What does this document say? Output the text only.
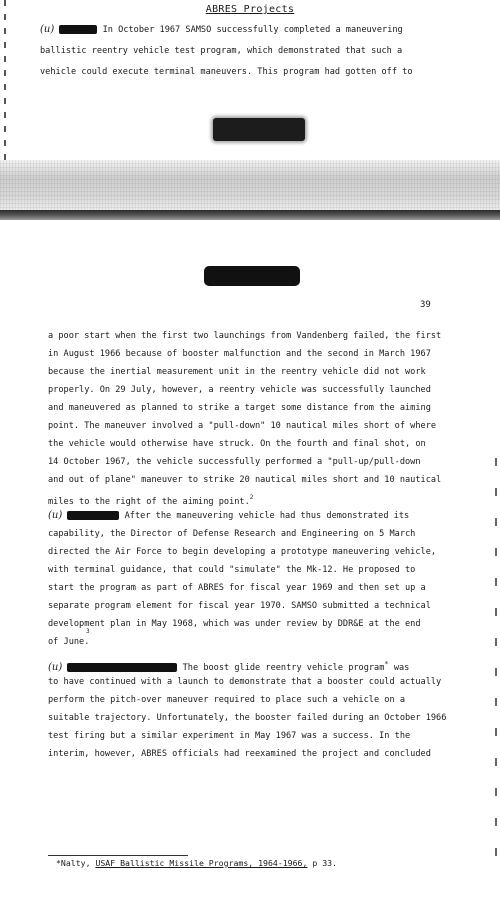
ABRES Projects
(u)	In October 1967 SAMSO successfully completed a maneuvering
ballistic reentry vehicle test program, which demonstrated that such a
vehicle could execute terminal maneuvers. This program had gotten off to
39
a poor start when the first two launchings from Vandenberg failed, the first
in August 1966 because of booster malfunction and the second in March 1967
because the inertial measurement unit in the reentry vehicle did not work
properly. On 29 July, however, a reentry vehicle was successfully launched
and maneuvered as planned to strike a target some distance from the aiming
point. The maneuver involved a "pull-down" 10 nautical miles short of where
the vehicle would otherwise have struck. On the fourth and final shot, on
14 October 1967, the vehicle successfully performed a "pull-up/pull-down
and out of plane" maneuver to strike 20 nautical miles short and 10 nautical
miles to the right of the aiming point.$^2$
(u)	After the maneuvering vehicle had thus demonstrated its
capability, the Director of Defense Research and Engineering on 5 March
directed the Air Force to begin developing a prototype maneuvering vehicle,
with terminal guidance, that could "simulate" the Mk-12. He proposed to
start the program as part of ABRES for fiscal year 1969 and then set up a
separate program element for fiscal year 1970. SAMSO submitted a technical
development plan in May 1968, which was under review by DDR&E at the end
of June.
3
(u)	The boost glide reentry vehicle program* was
to have continued with a launch to demonstrate that a booster could actually
perform the pitch-over maneuver required to place such a vehicle on a
suitable trajectory. Unfortunately, the booster failed during an October 1966
test firing but a similar experiment in May 1967 was a success. In the
interim, however, ABRES officials had reexamined the project and concluded
*Nalty, USAF Ballistic Missile Programs, 1964-1966, p 33.
